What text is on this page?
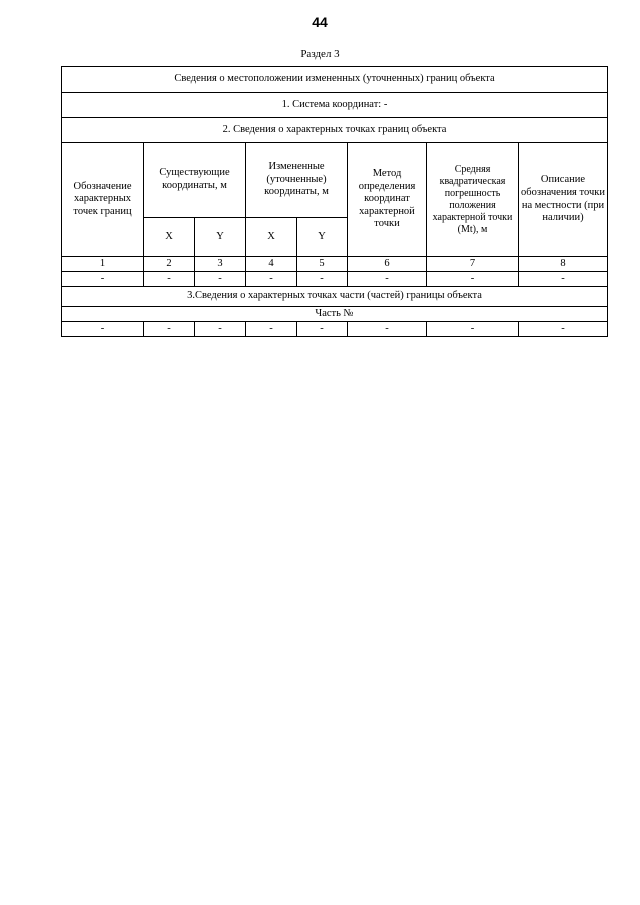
44
Раздел 3
Сведения о местоположении измененных (уточненных) границ объекта							
1. Система координат: -							
2. Сведения о характерных точках границ объекта							
Обозначение характерных точек границ	Существующие координаты, м		Измененные (уточненные) координаты, м		Метод определения координат характерной точки	Средняя квадратическая погрешность положения характерной точки (Mt), м	Описание обозначения точки на местности (при наличии)
	X	Y	X	Y			
1	2	3	4	5	6	7	8
-	-	-	-	-	-	-	-
3.Сведения о характерных точках части (частей) границы объекта							
Часть №							
-	-	-	-	-	-	-	-
